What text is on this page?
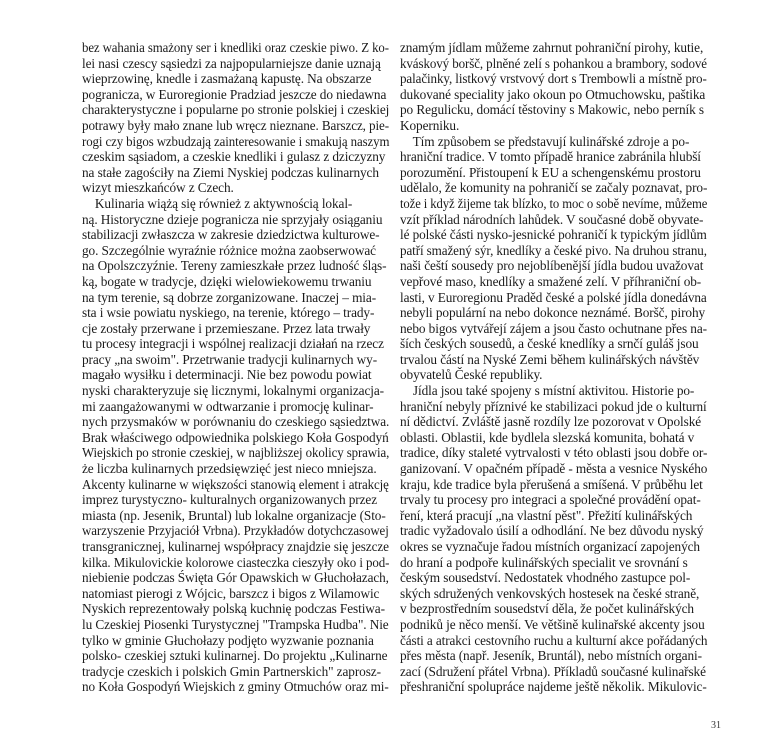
bez wahania smażony ser i knedliki oraz czeskie piwo. Z ko-
lei nasi czescy sąsiedzi za najpopularniejsze danie uznają
wieprzowinę, knedle i zasmażaną kapustę. Na obszarze
pogranicza, w Euroregionie Pradziad jeszcze do niedawna
charakterystyczne i popularne po stronie polskiej i czeskiej
potrawy były mało znane lub wręcz nieznane. Barszcz, pie-
rogi czy bigos wzbudzają zainteresowanie i smakują naszym
czeskim sąsiadom, a czeskie knedliki i gulasz z dziczyzny
na stałe zagościły na Ziemi Nyskiej podczas kulinarnych
wizyt mieszkańców z Czech.
Kulinaria wiążą się również z aktywnością lokal-
ną. Historyczne dzieje pogranicza nie sprzyjały osiąganiu
stabilizacji zwłaszcza w zakresie dziedzictwa kulturowe-
go. Szczególnie wyraźnie różnice można zaobserwować
na Opolszczyźnie. Tereny zamieszkałe przez ludność śląs-
ką, bogate w tradycje, dzięki wielowiekowemu trwaniu
na tym terenie, są dobrze zorganizowane. Inaczej – mia-
sta i wsie powiatu nyskiego, na terenie, którego – trady-
cje zostały przerwane i przemieszane. Przez lata trwały
tu procesy integracji i wspólnej realizacji działań na rzecz
pracy „na swoim". Przetrwanie tradycji kulinarnych wy-
magało wysiłku i determinacji. Nie bez powodu powiat
nyski charakteryzuje się licznymi, lokalnymi organizacja-
mi zaangażowanymi w odtwarzanie i promocję kulinar-
nych przysmaków w porównaniu do czeskiego sąsiedztwa.
Brak właściwego odpowiednika polskiego Koła Gospodyń
Wiejskich po stronie czeskiej, w najbliższej okolicy sprawia,
że liczba kulinarnych przedsięwzięć jest nieco mniejsza.
Akcenty kulinarne w większości stanowią element i atrakcję
imprez turystyczno- kulturalnych organizowanych przez
miasta (np. Jesenik, Bruntal) lub lokalne organizacje (Sto-
warzyszenie Przyjaciół Vrbna). Przykładów dotychczasowej
transgranicznej, kulinarnej współpracy znajdzie się jeszcze
kilka. Mikulovickie kolorowe ciasteczka cieszyły oko i pod-
niebienie podczas Święta Gór Opawskich w Głuchołazach,
natomiast pierogi z Wójcic, barszcz i bigos z Wilamowic
Nyskich reprezentowały polską kuchnię podczas Festiwa-
lu Czeskiej Piosenki Turystycznej "Trampska Hudba". Nie
tylko w gminie Głuchołazy podjęto wyzwanie poznania
polsko- czeskiej sztuki kulinarnej. Do projektu „Kulinarne
tradycje czeskich i polskich Gmin Partnerskich" zaprosz-
no Koła Gospodyń Wiejskich z gminy Otmuchów oraz mi-
znamým jídlam můžeme zahrnut pohraniční pirohy, kutie,
kváskový boršč, plněné zelí s pohankou a brambory, sodové
palačinky, listkový vrstvový dort s Trembowli a místně pro-
dukované speciality jako okoun po Otmuchowsku, paštika
po Regulicku, domácí těstoviny s Makowic, nebo perník s
Koperniku.
Tím způsobem se představují kulinářské zdroje a po-
hraniční tradice. V tomto případě hranice zabránila hlubší
porozumění. Přistoupení k EU a schengenskému prostoru
udělalo, že komunity na pohraničí se začaly poznavat, pro-
tože i když žijeme tak blízko, to moc o sobě nevíme, můžeme
vzít příklad národních lahůdek. V současné době obyvate-
lé polské části nysko-jesnické pohraničí k typickým jídlům
patří smažený sýr, knedlíky a české pivo. Na druhou stranu,
naši čeští sousedy pro nejoblíbenější jídla budou uvažovat
vepřové maso, knedlíky a smažené zelí. V příhraniční ob-
lasti, v Euroregionu Praděd české a polské jídla donedávna
nebyli populární na nebo dokonce neznámé. Boršč, pirohy
nebo bigos vytvářejí zájem a jsou často ochutnane přes na-
ších českých sousedů, a české knedlíky a srnčí guláš jsou
trvalou částí na Nyské Zemi během kulinářských návštěv
obyvatelů České republiky.
Jídla jsou také spojeny s místní aktivitou. Historie po-
hraniční nebyly příznivé ke stabilizaci pokud jde o kulturní
ní dědictví. Zvláště jasně rozdíly lze pozorovat v Opolské
oblasti. Oblastii, kde bydlela slezská komunita, bohatá v
tradice, díky staleté vytrvalosti v této oblasti jsou dobře or-
ganizovaní. V opačném případě - města a vesnice Nyského
kraju, kde tradice byla přerušená a smíšená. V průběhu let
trvaly tu procesy pro integraci a společné provádění opat-
ření, která pracují „na vlastní pěst". Přežití kulinářských
tradic vyžadovalo úsilí a odhodlání. Ne bez důvodu nyský
okres se vyznačuje řadou místních organizací zapojených
do hraní a podpoře kulinářských specialit ve srovnání s
českým sousedství. Nedostatek vhodného zastupce pol-
ských sdružených venkovských hostesek na české straně,
v bezprostředním sousedství děla, že počet kulinářských
podniků je něco menší. Ve většině kulinařské akcenty jsou
části a atrakci cestovního ruchu a kulturní akce pořádaných
přes města (např. Jeseník, Bruntál), nebo místních organi-
zací (Sdružení přátel Vrbna). Příkladů současné kulinařské
přeshraniční spolupráce najdeme ještě několik. Mikulovic-
31
